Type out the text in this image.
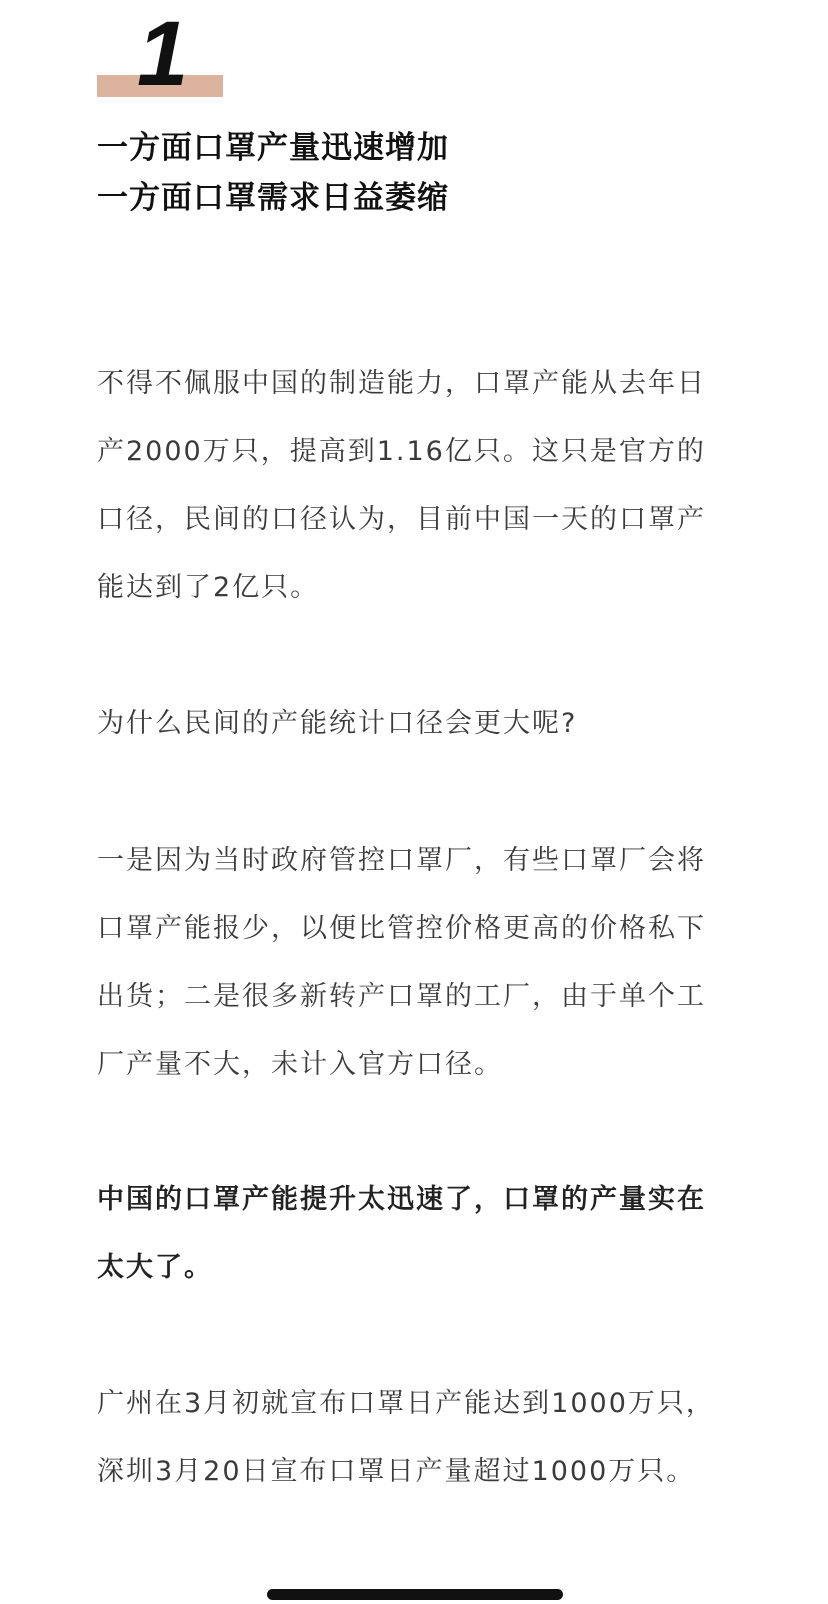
1
一方面口罩产量迅速增加
一方面口罩需求日益萎缩

不得不佩服中国的制造能力，口罩产能从去年日产2000万只，提高到1.16亿只。这只是官方的口径，民间的口径认为，目前中国一天的口罩产能达到了2亿只。

为什么民间的产能统计口径会更大呢?

一是因为当时政府管控口罩厂，有些口罩厂会将口罩产能报少，以便比管控价格更高的价格私下出货；二是很多新转产口罩的工厂，由于单个工厂产量不大，未计入官方口径。

中国的口罩产能提升太迅速了，口罩的产量实在太大了。

广州在3月初就宣布口罩日产能达到1000万只，深圳3月20日宣布口罩日产量超过1000万只。
